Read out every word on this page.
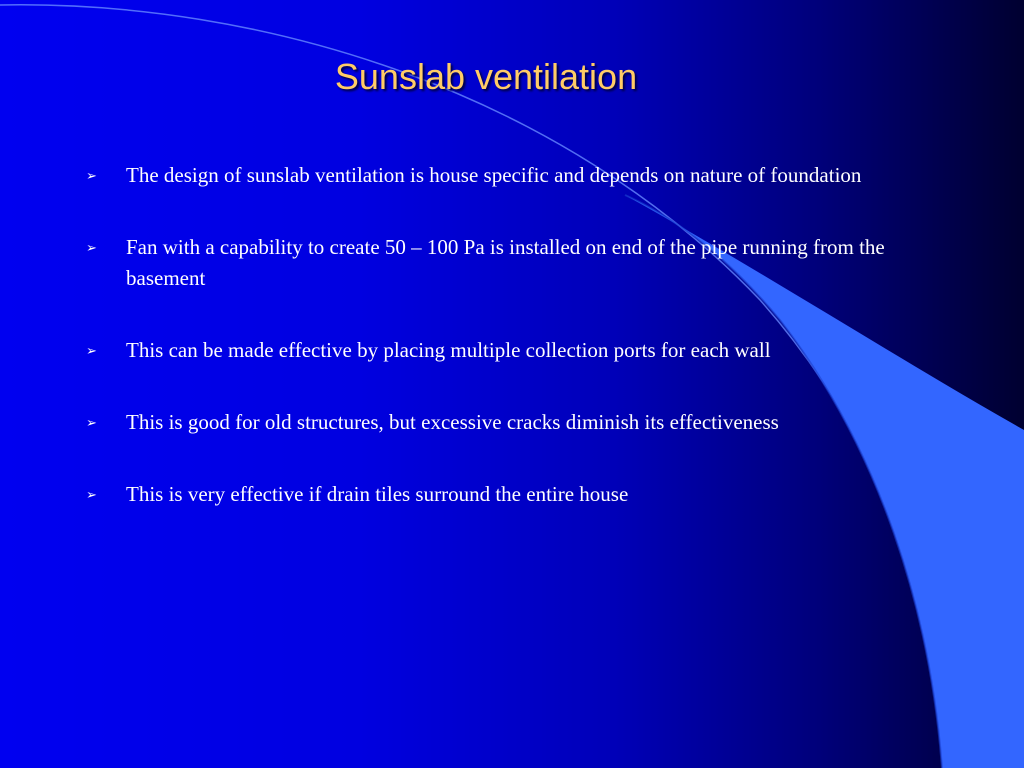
Sunslab ventilation
➢ The design of sunslab ventilation is house specific and depends on nature of foundation
➢ Fan with a capability to create 50 – 100 Pa is installed on end of the pipe running from the basement
➢ This can be made effective by placing multiple collection ports for each wall
➢ This is good for old structures, but excessive cracks diminish its effectiveness
➢ This is very effective if drain tiles surround the entire house
